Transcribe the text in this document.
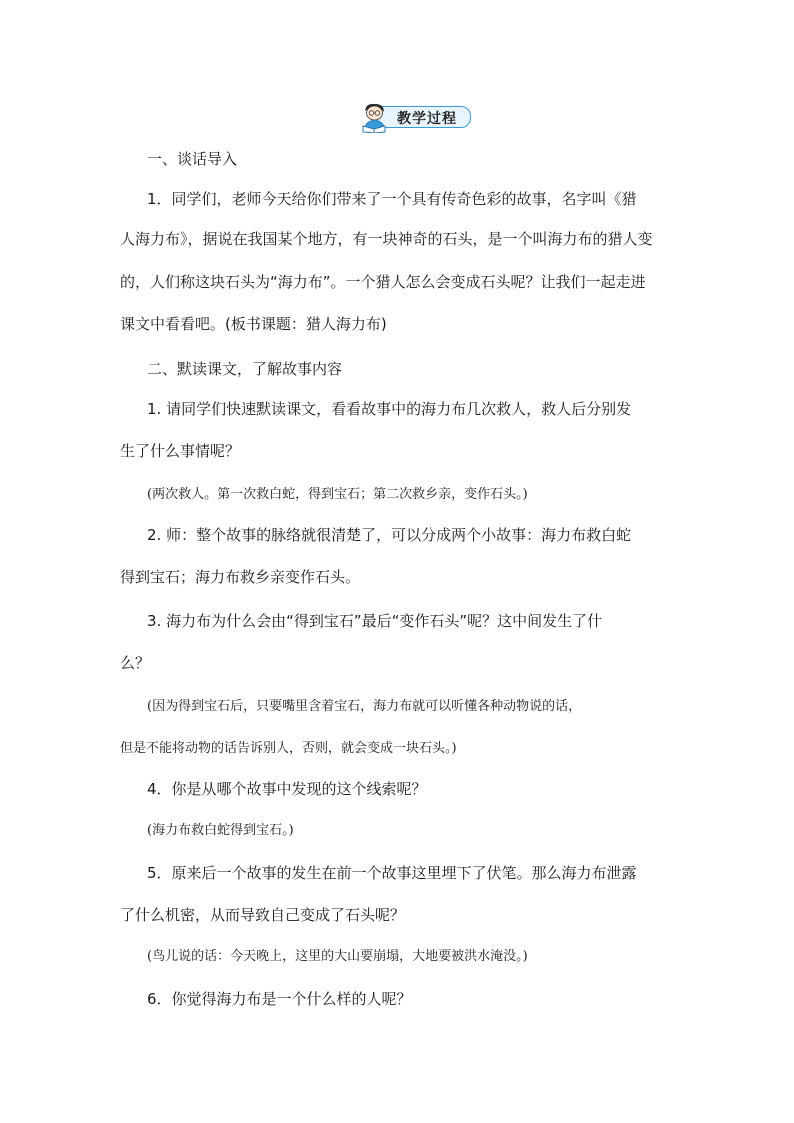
教学过程
一、谈话导入
1．同学们，老师今天给你们带来了一个具有传奇色彩的故事，名字叫《猎
人海力布》，据说在我国某个地方，有一块神奇的石头，是一个叫海力布的猎人变
的，人们称这块石头为“海力布”。一个猎人怎么会变成石头呢？让我们一起走进
课文中看看吧。(板书课题：猎人海力布)
二、默读课文，了解故事内容
1. 请同学们快速默读课文，看看故事中的海力布几次救人，救人后分别发
生了什么事情呢？
(两次救人。第一次救白蛇，得到宝石；第二次救乡亲，变作石头。)
2. 师：整个故事的脉络就很清楚了，可以分成两个小故事：海力布救白蛇
得到宝石；海力布救乡亲变作石头。
3. 海力布为什么会由“得到宝石”最后“变作石头”呢？这中间发生了什
么？
(因为得到宝石后，只要嘴里含着宝石，海力布就可以听懂各种动物说的话，
但是不能将动物的话告诉别人，否则，就会变成一块石头。)
4．你是从哪个故事中发现的这个线索呢？
(海力布救白蛇得到宝石。)
5．原来后一个故事的发生在前一个故事这里埋下了伏笔。那么海力布泄露
了什么机密，从而导致自己变成了石头呢？
(鸟儿说的话：今天晚上，这里的大山要崩塌，大地要被洪水淹没。)
6．你觉得海力布是一个什么样的人呢？
